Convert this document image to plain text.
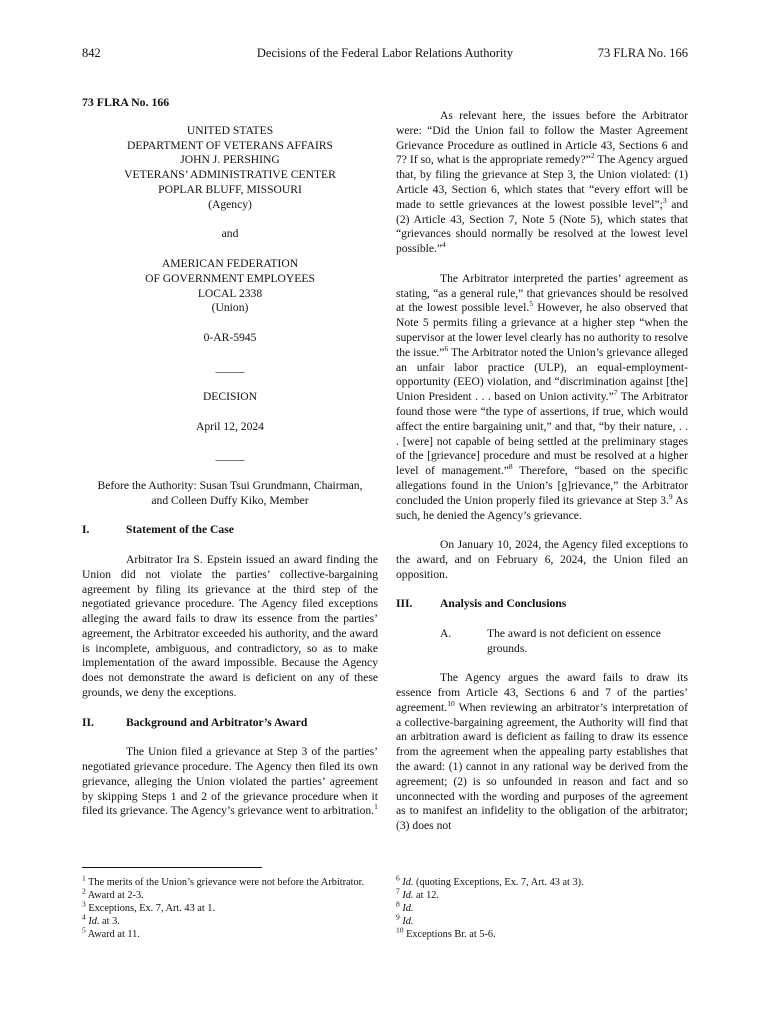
842	Decisions of the Federal Labor Relations Authority	73 FLRA No. 166
73 FLRA No. 166
UNITED STATES
DEPARTMENT OF VETERANS AFFAIRS
JOHN J. PERSHING
VETERANS’ ADMINISTRATIVE CENTER
POPLAR BLUFF, MISSOURI
(Agency)
and
AMERICAN FEDERATION
OF GOVERNMENT EMPLOYEES
LOCAL 2338
(Union)
0-AR-5945
_____
DECISION
April 12, 2024
_____
Before the Authority: Susan Tsui Grundmann, Chairman,
and Colleen Duffy Kiko, Member
I.	Statement of the Case

Arbitrator Ira S. Epstein issued an award finding the Union did not violate the parties’ collective-bargaining agreement by filing its grievance at the third step of the negotiated grievance procedure. The Agency filed exceptions alleging the award fails to draw its essence from the parties’ agreement, the Arbitrator exceeded his authority, and the award is incomplete, ambiguous, and contradictory, so as to make implementation of the award impossible. Because the Agency does not demonstrate the award is deficient on any of these grounds, we deny the exceptions.

II.	Background and Arbitrator’s Award

The Union filed a grievance at Step 3 of the parties’ negotiated grievance procedure. The Agency then filed its own grievance, alleging the Union violated the parties’ agreement by skipping Steps 1 and 2 of the grievance procedure when it filed its grievance. The Agency’s grievance went to arbitration.$^1$

As relevant here, the issues before the Arbitrator were: “Did the Union fail to follow the Master Agreement Grievance Procedure as outlined in Article 43, Sections 6 and 7? If so, what is the appropriate remedy?”$^2$ The Agency argued that, by filing the grievance at Step 3, the Union violated: (1) Article 43, Section 6, which states that “every effort will be made to settle grievances at the lowest possible level”;$^3$ and (2) Article 43, Section 7, Note 5 (Note 5), which states that “grievances should normally be resolved at the lowest level possible.”$^4$

The Arbitrator interpreted the parties’ agreement as stating, “as a general rule,” that grievances should be resolved at the lowest possible level.$^5$ However, he also observed that Note 5 permits filing a grievance at a higher step “when the supervisor at the lower level clearly has no authority to resolve the issue.”$^6$ The Arbitrator noted the Union’s grievance alleged an unfair labor practice (ULP), an equal-employment-opportunity (EEO) violation, and “discrimination against [the] Union President . . . based on Union activity.”$^7$ The Arbitrator found those were “the type of assertions, if true, which would affect the entire bargaining unit,” and that, “by their nature, . . . [were] not capable of being settled at the preliminary stages of the [grievance] procedure and must be resolved at a higher level of management.”$^8$ Therefore, “based on the specific allegations found in the Union’s [g]rievance,” the Arbitrator concluded the Union properly filed its grievance at Step 3.$^9$ As such, he denied the Agency’s grievance.

On January 10, 2024, the Agency filed exceptions to the award, and on February 6, 2024, the Union filed an opposition.

III.	Analysis and Conclusions
A.	The award is not deficient on essence grounds.

The Agency argues the award fails to draw its essence from Article 43, Sections 6 and 7 of the parties’ agreement.$^{10}$ When reviewing an arbitrator’s interpretation of a collective-bargaining agreement, the Authority will find that an arbitration award is deficient as failing to draw its essence from the agreement when the appealing party establishes that the award: (1) cannot in any rational way be derived from the agreement; (2) is so unfounded in reason and fact and so unconnected with the wording and purposes of the agreement as to manifest an infidelity to the obligation of the arbitrator; (3) does not

$^1$ The merits of the Union’s grievance were not before the Arbitrator.
$^2$ Award at 2-3.
$^3$ Exceptions, Ex. 7, Art. 43 at 1.
$^4$ Id. at 3.
$^5$ Award at 11.
$^6$ Id. (quoting Exceptions, Ex. 7, Art. 43 at 3).
$^7$ Id. at 12.
$^8$ Id.
$^9$ Id.
$^{10}$ Exceptions Br. at 5-6.
